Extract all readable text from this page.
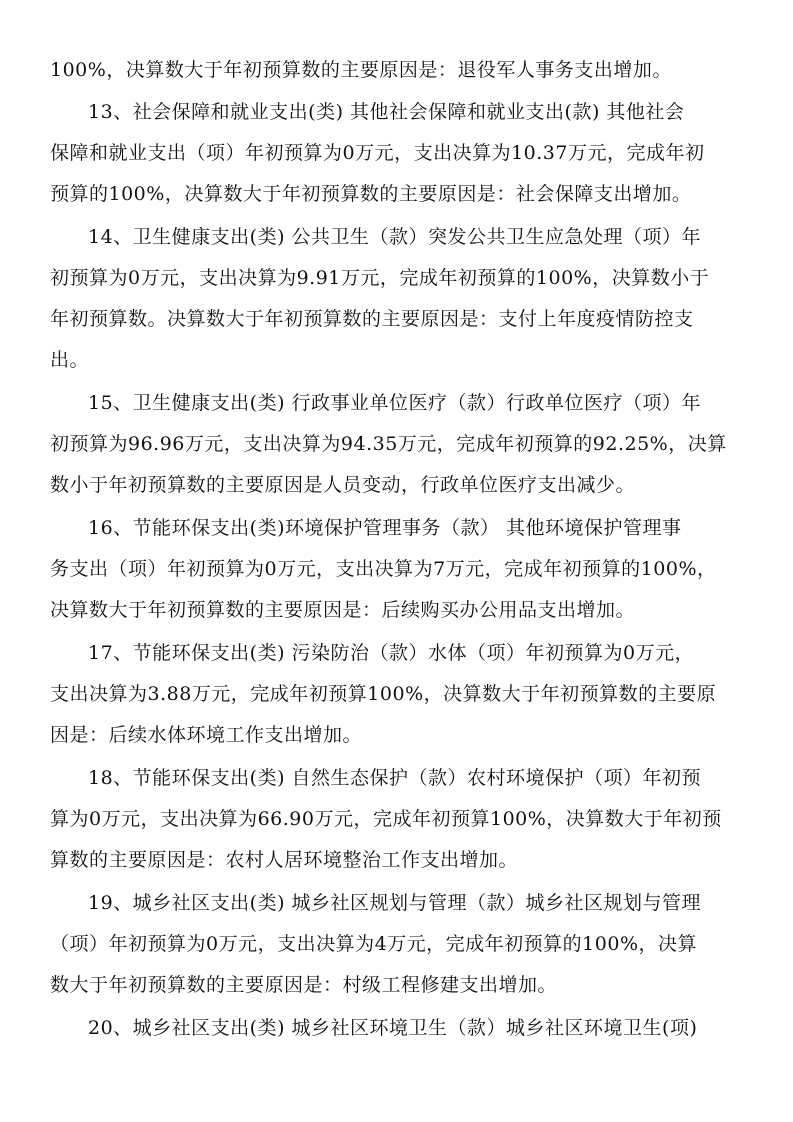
100%，决算数大于年初预算数的主要原因是：退役军人事务支出增加。
13、社会保障和就业支出(类) 其他社会保障和就业支出(款) 其他社会
保障和就业支出（项）年初预算为0万元，支出决算为10.37万元，完成年初
预算的100%，决算数大于年初预算数的主要原因是：社会保障支出增加。
14、卫生健康支出(类) 公共卫生（款）突发公共卫生应急处理（项）年
初预算为0万元，支出决算为9.91万元，完成年初预算的100%，决算数小于
年初预算数。决算数大于年初预算数的主要原因是：支付上年度疫情防控支
出。
15、卫生健康支出(类) 行政事业单位医疗（款）行政单位医疗（项）年
初预算为96.96万元，支出决算为94.35万元，完成年初预算的92.25%，决算
数小于年初预算数的主要原因是人员变动，行政单位医疗支出减少。
16、节能环保支出(类)环境保护管理事务（款） 其他环境保护管理事
务支出（项）年初预算为0万元，支出决算为7万元，完成年初预算的100%，
决算数大于年初预算数的主要原因是：后续购买办公用品支出增加。
17、节能环保支出(类) 污染防治（款）水体（项）年初预算为0万元，
支出决算为3.88万元，完成年初预算100%，决算数大于年初预算数的主要原
因是：后续水体环境工作支出增加。
18、节能环保支出(类) 自然生态保护（款）农村环境保护（项）年初预
算为0万元，支出决算为66.90万元，完成年初预算100%，决算数大于年初预
算数的主要原因是：农村人居环境整治工作支出增加。
19、城乡社区支出(类) 城乡社区规划与管理（款）城乡社区规划与管理
（项）年初预算为0万元，支出决算为4万元，完成年初预算的100%，决算
数大于年初预算数的主要原因是：村级工程修建支出增加。
20、城乡社区支出(类) 城乡社区环境卫生（款）城乡社区环境卫生(项)
